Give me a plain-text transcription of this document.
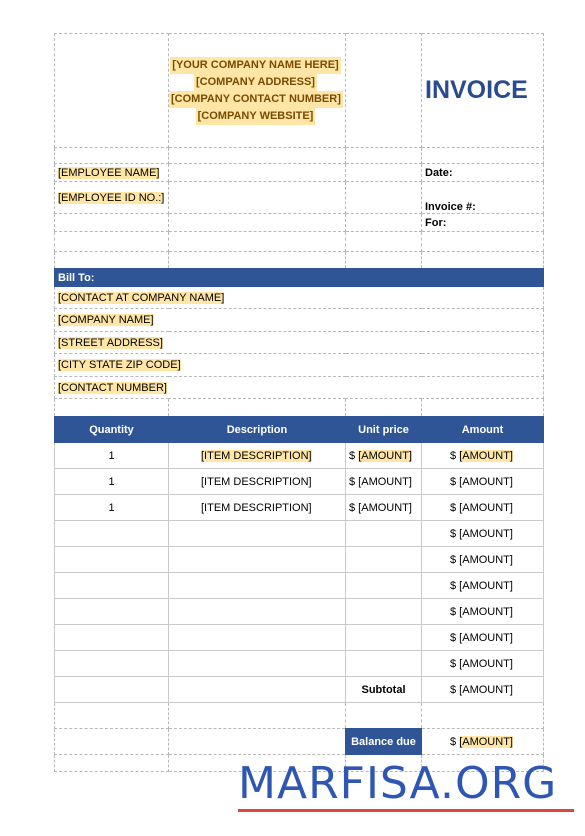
	[YOUR COMPANY NAME HERE]
[COMPANY ADDRESS]
[COMPANY CONTACT NUMBER]
[COMPANY WEBSITE]		INVOICE

[EMPLOYEE NAME]			Date:
[EMPLOYEE ID NO.:]			Invoice #:
			For:

Bill To:			
[CONTACT AT COMPANY NAME]			
[COMPANY NAME]			
[STREET ADDRESS]			
[CITY STATE ZIP CODE]			
[CONTACT NUMBER]			

Quantity	Description	Unit price	Amount
1	[ITEM DESCRIPTION]	$ [AMOUNT]	$ [AMOUNT]
1	[ITEM DESCRIPTION]	$ [AMOUNT]	$ [AMOUNT]
1	[ITEM DESCRIPTION]	$ [AMOUNT]	$ [AMOUNT]
			$ [AMOUNT]
			$ [AMOUNT]
			$ [AMOUNT]
			$ [AMOUNT]
			$ [AMOUNT]
			$ [AMOUNT]
		Subtotal	$ [AMOUNT]

		Balance due	$ [AMOUNT]

MARFISA.ORG
